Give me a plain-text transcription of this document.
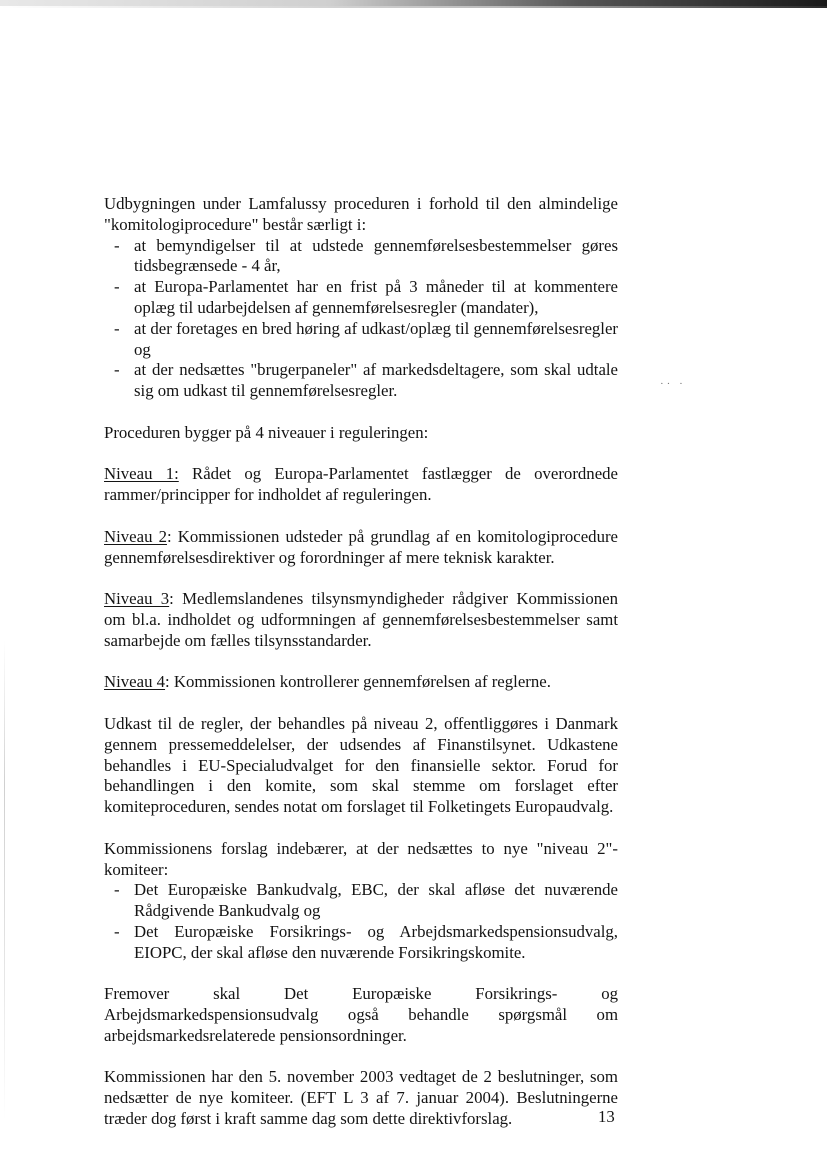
·· ·

Udbygningen under Lamfalussy proceduren i forhold til den almindelige "komitologiprocedure" består særligt i:

- at bemyndigelser til at udstede gennemførelsesbestemmelser gøres tidsbegrænsede - 4 år,
- at Europa-Parlamentet har en frist på 3 måneder til at kommentere oplæg til udarbejdelsen af gennemførelsesregler (mandater),
- at der foretages en bred høring af udkast/oplæg til gennemførelsesregler og
- at der nedsættes "brugerpaneler" af markedsdeltagere, som skal udtale sig om udkast til gennemførelsesregler.

Proceduren bygger på 4 niveauer i reguleringen:

Niveau 1: Rådet og Europa-Parlamentet fastlægger de overordnede rammer/principper for indholdet af reguleringen.

Niveau 2: Kommissionen udsteder på grundlag af en komitologiprocedure gennemførelsesdirektiver og forordninger af mere teknisk karakter.

Niveau 3: Medlemslandenes tilsynsmyndigheder rådgiver Kommissionen om bl.a. indholdet og udformningen af gennemførelsesbestemmelser samt samarbejde om fælles tilsynsstandarder.

Niveau 4: Kommissionen kontrollerer gennemførelsen af reglerne.

Udkast til de regler, der behandles på niveau 2, offentliggøres i Danmark gennem pressemeddelelser, der udsendes af Finanstilsynet. Udkastene behandles i EU-Specialudvalget for den finansielle sektor. Forud for behandlingen i den komite, som skal stemme om forslaget efter komiteproceduren, sendes notat om forslaget til Folketingets Europaudvalg.

Kommissionens forslag indebærer, at der nedsættes to nye "niveau 2"-komiteer:

- Det Europæiske Bankudvalg, EBC, der skal afløse det nuværende Rådgivende Bankudvalg og
- Det Europæiske Forsikrings- og Arbejdsmarkedspensionsudvalg, EIOPC, der skal afløse den nuværende Forsikringskomite.

Fremover skal Det Europæiske Forsikrings- og Arbejdsmarkedspensionsudvalg også behandle spørgsmål om arbejdsmarkedsrelaterede pensionsordninger.

Kommissionen har den 5. november 2003 vedtaget de 2 beslutninger, som nedsætter de nye komiteer. (EFT L 3 af 7. januar 2004). Beslutningerne træder dog først i kraft samme dag som dette direktivforslag.	13
